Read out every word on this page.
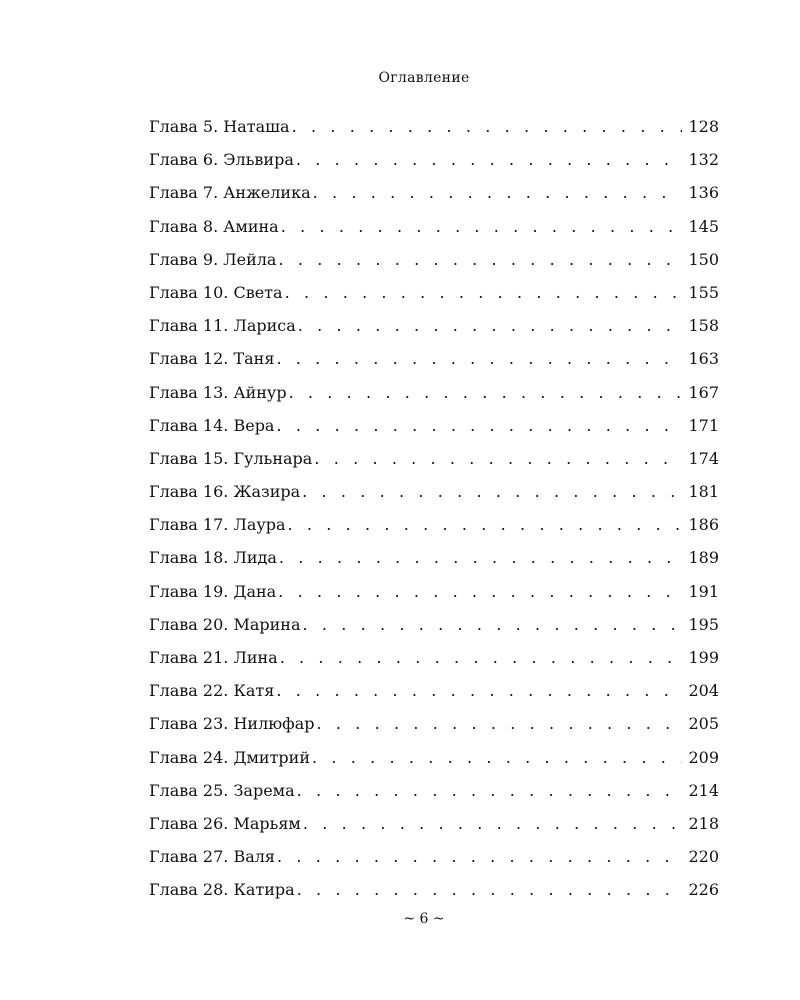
Оглавление
Глава 5. Наташа . . .	128
Глава 6. Эльвира . . .	132
Глава 7. Анжелика . . .	136
Глава 8. Амина . . .	145
Глава 9. Лейла . . .	150
Глава 10. Света . . .	155
Глава 11. Лариса . . .	158
Глава 12. Таня . . .	163
Глава 13. Айнур . . .	167
Глава 14. Вера . . .	171
Глава 15. Гульнара . . .	174
Глава 16. Жазира . . .	181
Глава 17. Лаура . . .	186
Глава 18. Лида . . .	189
Глава 19. Дана . . .	191
Глава 20. Марина . . .	195
Глава 21. Лина . . .	199
Глава 22. Катя . . .	204
Глава 23. Нилюфар . . .	205
Глава 24. Дмитрий . . .	209
Глава 25. Зарема . . .	214
Глава 26. Марьям . . .	218
Глава 27. Валя . . .	220
Глава 28. Катира . . .	226
~ 6 ~
